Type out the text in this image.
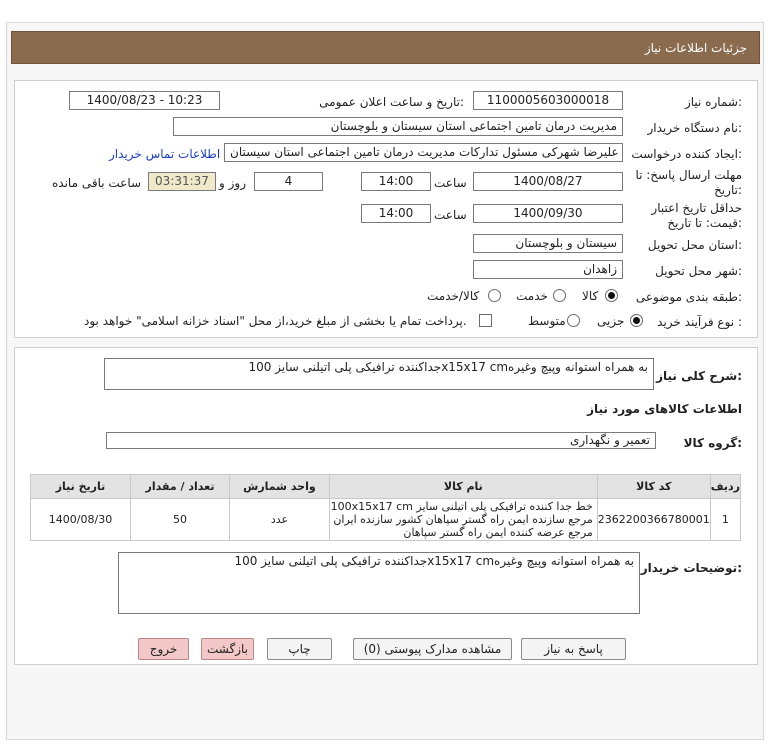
جزئیات اطلاعات نیاز
شماره نیاز:
1100005603000018
تاریخ و ساعت اعلان عمومی:
1400/08/23 - 10:23
نام دستگاه خریدار:
مدیریت درمان تامین اجتماعی استان سیستان و بلوچستان
ایجاد کننده درخواست:
علیرضا شهرکی مسئول تدارکات مدیریت درمان تامین اجتماعی استان سیستان
اطلاعات تماس خریدار
مهلت ارسال پاسخ: تا
تاریخ:
1400/08/27
ساعت
14:00
4
روز و
03:31:37
ساعت باقی مانده
حداقل تاریخ اعتبار
قیمت: تا تاریخ:
1400/09/30
ساعت
14:00
استان محل تحویل:
سیستان و بلوچستان
شهر محل تحویل:
زاهدان
طبقه بندی موضوعی:
کالا
خدمت
کالا/خدمت
نوع فرآیند خرید :
جزیی
متوسط
پرداخت تمام یا بخشی از مبلغ خرید،از محل "اسناد خزانه اسلامی" خواهد بود.
شرح کلی نیاز:
جداکننده ترافیکی پلی اتیلنی سایز 100x15x17 cmبه همراه استوانه وپیچ وغیره
اطلاعات کالاهای مورد نیاز
گروه کالا:
تعمیر و نگهداری
ردیف	کد کالا	نام کالا	واحد شمارش	تعداد / مقدار	تاریخ نیاز
1	2362200366780001	خط جدا کننده ترافیکی پلی اتیلنی سایز 100x15x17 cm
مرجع سازنده ایمن راه گستر سپاهان کشور سازنده ایران
مرجع عرضه کننده ایمن راه گستر سپاهان	عدد	50	1400/08/30
توضیحات خریدار:
جداکننده ترافیکی پلی اتیلنی سایز 100x15x17 cmبه همراه استوانه وپیچ وغیره
پاسخ به نیاز
مشاهده مدارک پیوستی (0)
چاپ
بازگشت
خروج
